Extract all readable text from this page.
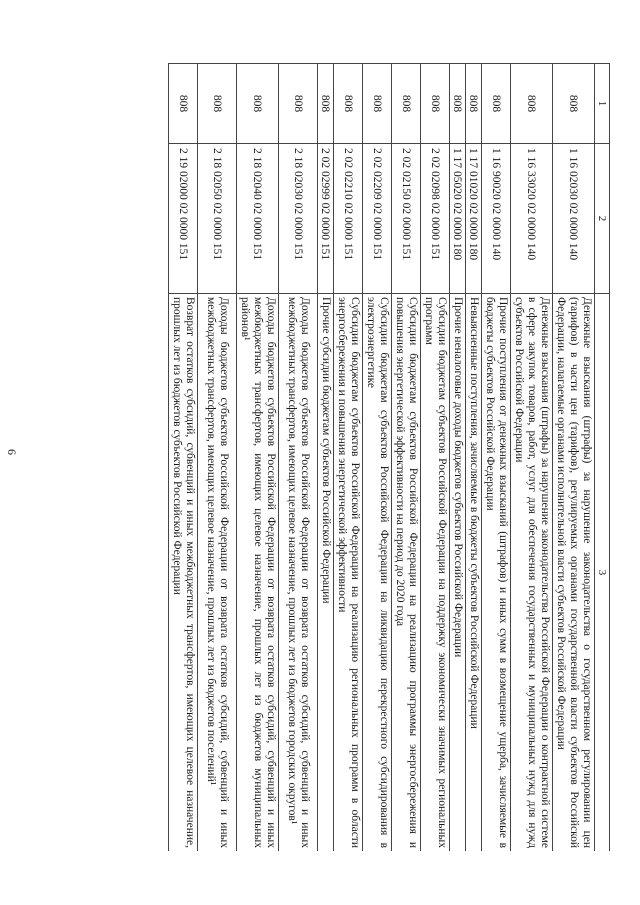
6
1	2	3
808	1 16 02030 02 0000 140	Денежные взыскания (штрафы) за нарушение законодательства о государственном регулировании цен (тарифов) в части цен (тарифов), регулируемых органами государственной власти субъектов Российской Федерации, налагаемые органами исполнительной власти субъектов Российской Федерации
808	1 16 33020 02 0000 140	Денежные взыскания (штрафы) за нарушение законодательства Российской Федерации о контрактной системе в сфере закупок товаров, работ, услуг для обеспечения государственных и муниципальных нужд для нужд субъектов Российской Федерации
808	1 16 90020 02 0000 140	Прочие поступления от денежных взысканий (штрафов) и иных сумм в возмещение ущерба, зачисляемые в бюджеты субъектов Российской Федерации
808	1 17 01020 02 0000 180	Невыясненные поступления, зачисляемые в бюджеты субъектов Российской Федерации
808	1 17 05020 02 0000 180	Прочие неналоговые доходы бюджетов субъектов Российской Федерации
808	2 02 02098 02 0000 151	Субсидии бюджетам субъектов Российской Федерации на поддержку экономически значимых региональных программ
808	2 02 02150 02 0000 151	Субсидии бюджетам субъектов Российской Федерации на реализацию программы энергосбережения и повышения энергетической эффективности на период до 2020 года
808	2 02 02209 02 0000 151	Субсидии бюджетам субъектов Российской Федерации на ликвидацию перекрестного субсидирования в электроэнергетике
808	2 02 02210 02 0000 151	Субсидии бюджетам субъектов Российской Федерации на реализацию региональных программ в области энергосбережения и повышения энергетической эффективности
808	2 02 02999 02 0000 151	Прочие субсидии бюджетам субъектов Российской Федерации
808	2 18 02030 02 0000 151	Доходы бюджетов субъектов Российской Федерации от возврата остатков субсидий, субвенций и иных межбюджетных трансфертов, имеющих целевое назначение, прошлых лет из бюджетов городских округов¹
808	2 18 02040 02 0000 151	Доходы бюджетов субъектов Российской Федерации от возврата остатков субсидий, субвенций и иных межбюджетных трансфертов, имеющих целевое назначение, прошлых лет из бюджетов муниципальных районов¹
808	2 18 02050 02 0000 151	Доходы бюджетов субъектов Российской Федерации от возврата остатков субсидий, субвенций и иных межбюджетных трансфертов, имеющих целевое назначение, прошлых лет из бюджетов поселений¹
808	2 19 02000 02 0000 151	Возврат остатков субсидий, субвенций и иных межбюджетных трансфертов, имеющих целевое назначение, прошлых лет из бюджетов субъектов Российской Федерации
